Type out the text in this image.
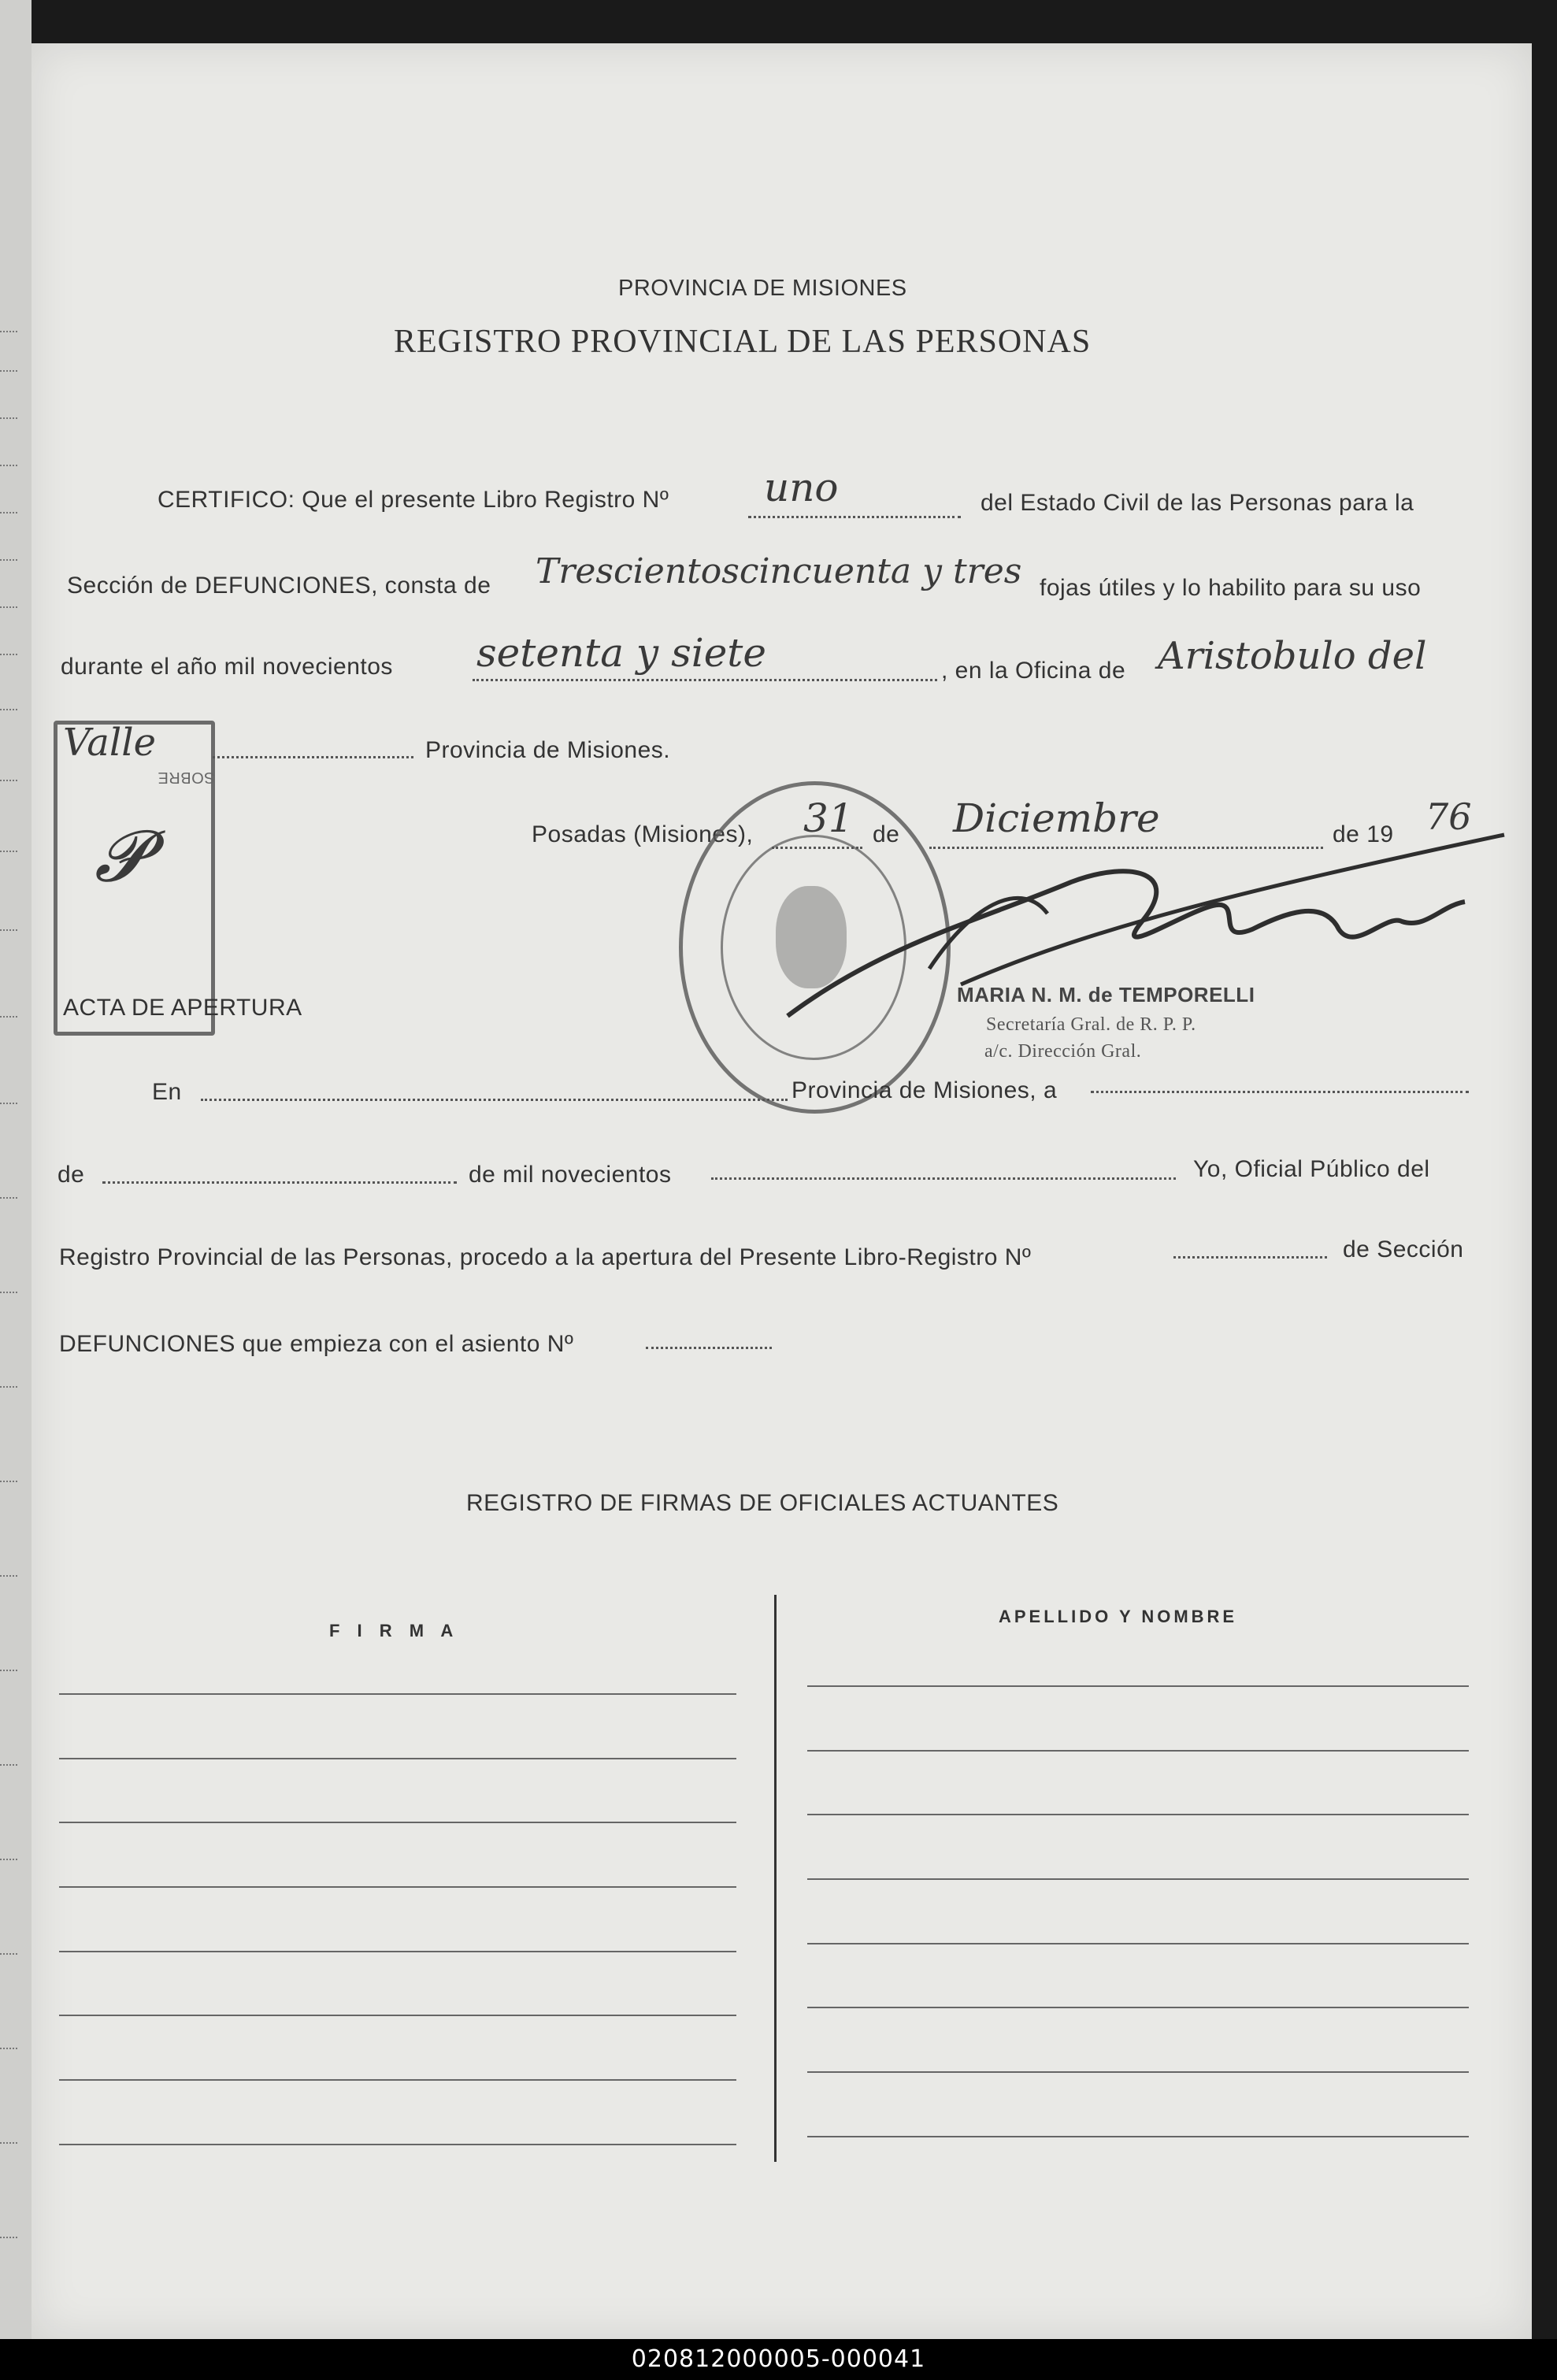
PROVINCIA DE MISIONES
REGISTRO PROVINCIAL DE LAS PERSONAS
CERTIFICO: Que el presente Libro Registro Nº uno	del Estado Civil de las Personas para la
Sección de DEFUNCIONES, consta de Trescientoscincuenta y tres fojas útiles y lo habilito para su uso
durante el año mil novecientos setenta y siete	, en la Oficina de Aristobulo del
Valle	Provincia de Misiones.
SOBRE
𝓟	Posadas (Misiones), 31 de Diciembre	de 19 76
MARIA N. M. de TEMPORELLI
Secretaría Gral. de R. P. P.
a/c. Dirección Gral.
ACTA DE APERTURA
En	Provincia de Misiones, a
de	de mil novecientos	Yo, Oficial Público del
Registro Provincial de las Personas, procedo a la apertura del Presente Libro-Registro Nº	de Sección
DEFUNCIONES que empieza con el asiento Nº
REGISTRO DE FIRMAS DE OFICIALES ACTUANTES
F I R M A
APELLIDO Y NOMBRE
020812000005-000041
